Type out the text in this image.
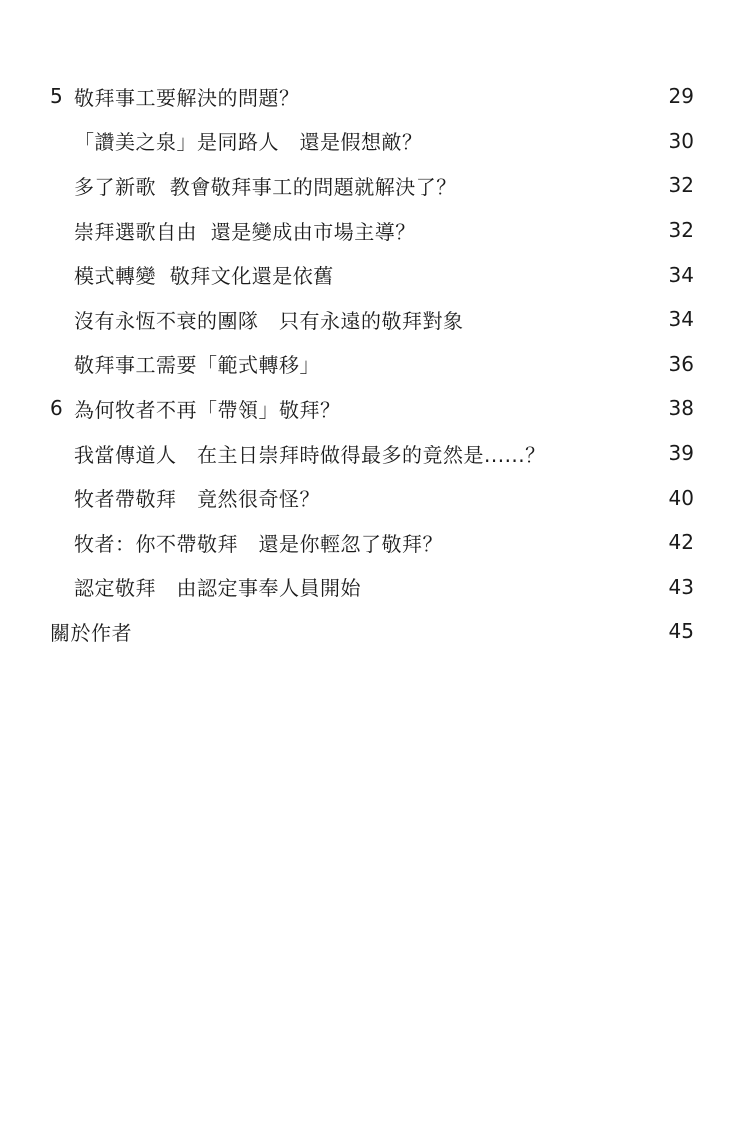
5 敬拜事工要解決的問題？	29
「讚美之泉」是同路人　還是假想敵？	30
多了新歌  教會敬拜事工的問題就解決了？	32
崇拜選歌自由  還是變成由市場主導？	32
模式轉變  敬拜文化還是依舊	34
沒有永恆不衰的團隊　只有永遠的敬拜對象	34
敬拜事工需要「範式轉移」	36
6 為何牧者不再「帶領」敬拜？	38
我當傳道人　在主日崇拜時做得最多的竟然是......？	39
牧者帶敬拜　竟然很奇怪？	40
牧者：你不帶敬拜　還是你輕忽了敬拜？	42
認定敬拜　由認定事奉人員開始	43
關於作者	45
